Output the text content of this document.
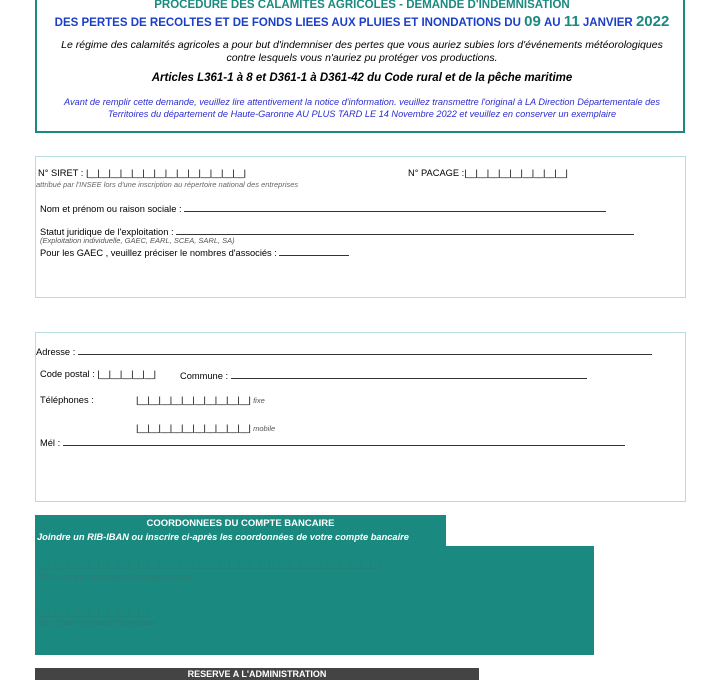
PROCEDURE DES CALAMITES AGRICOLES - DEMANDE D'INDEMNISATION
DES PERTES DE RECOLTES ET DE FONDS LIEES AUX PLUIES ET INONDATIONS DU 09 AU 11 JANVIER 2022
Le régime des calamités agricoles a pour but d'indemniser des pertes que vous auriez subies lors d'événements météorologiques
contre lesquels vous n'auriez pu protéger vos productions.
Articles L361-1 à 8 et D361-1 à D361-42 du Code rural et de la pêche maritime
Avant de remplir cette demande, veuillez lire attentivement la notice d'information. veuillez transmettre l'original à LA Direction Départementale des
Territoires du département de Haute-Garonne AU PLUS TARD LE 14 Novembre 2022 et veuillez en conserver un exemplaire
N° SIRET : |__|__|__|__|__|__|__|__|__|__|__|__|__|__|
attribué par l'INSEE lors d'une inscription au répertoire national des entreprises
N° PACAGE :|__|__|__|__|__|__|__|__|__|
Nom et prénom ou raison sociale :
Statut juridique de l'exploitation :
(Exploitation individuelle, GAEC, EARL, SCEA, SARL, SA)
Pour les GAEC , veuillez préciser le nombres d'associés :
Adresse :
Code postal : |__|__|__|__|__|	Commune :
Téléphones :	|__|__|__|__|__|__|__|__|__|__| fixe
|__|__|__|__|__|__|__|__|__|__| mobile
Mél :
COORDONNEES DU COMPTE BANCAIRE
Joindre un RIB-IBAN ou inscrire ci-après les coordonnées de votre compte bancaire
|__|__|__|__|__|__|__|__|__|__|__|__|__|__|__|__|__|__|__|__|__|__|__|__|__|__|__|__|__|__|__|__|__|__|
IBAN - Identifiant international de compte bancaire
|__|__|__|__|__|__|__|__|__|__|__|
BIC - Code international d'identification
RESERVE A L'ADMINISTRATION
